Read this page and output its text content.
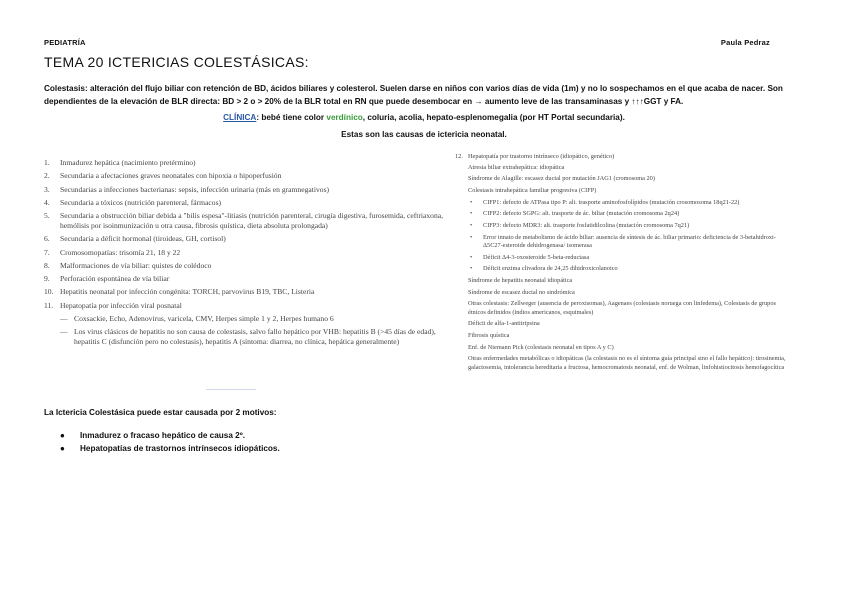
PEDIATRÍA	Paula Pedraz
TEMA 20 ICTERICIAS COLESTÁSICAS:
Colestasis: alteración del flujo biliar con retención de BD, ácidos biliares y colesterol. Suelen darse en niños con varios días de vida (1m) y no lo sospechamos en el que acaba de nacer. Son dependientes de la elevación de BLR directa: BD > 2 o > 20% de la BLR total en RN que puede desembocar en → aumento leve de las transaminasas y ↑↑↑GGT y FA.
CLÍNICA: bebé tiene color verdínico, coluria, acolia, hepato-esplenomegalia (por HT Portal secundaria).
Estas son las causas de ictericia neonatal.
1.	Inmadurez hepática (nacimiento pretérmino)
2.	Secundaria a afectaciones graves neonatales con hipoxia o hipoperfusión
3.	Secundarias a infecciones bacterianas: sepsis, infección urinaria (más en gramnegativos)
4.	Secundaria a tóxicos (nutrición parenteral, fármacos)
5.	Secundaria a obstrucción biliar debida a "bilis espesa"-litiasis (nutrición parenteral, cirugía digestiva, furosemida, ceftriaxona, hemólisis por isoinmunización u otra causa, fibrosis quística, dieta absoluta prolongada)
6.	Secundaria a déficit hormonal (tiroideas, GH, cortisol)
7.	Cromosomopatías: trisomía 21, 18 y 22
8.	Malformaciones de vía biliar: quistes de colédoco
9.	Perforación espontánea de vía biliar
10. Hepatitis neonatal por infección congénita: TORCH, parvovirus B19, TBC, Listeria
11. Hepatopatía por infección viral posnatal
— Coxsackie, Echo, Adenovirus, varicela, CMV, Herpes simple 1 y 2, Herpes humano 6
— Los virus clásicos de hepatitis no son causa de colestasis, salvo fallo hepático por VHB: hepatitis B (>45 días de edad), hepatitis C (disfunción pero no colestasis), hepatitis A (síntoma: diarrea, no clínica, hepática generalmente)
12. Hepatopatía por trastorno intrínseco (idiopático, genético)
Atresia biliar extrahepática: idiopática
Síndrome de Alagille: escasez ductal por mutación JAG1 (cromosoma 20)
Colestasis intrahepática familiar progresiva (CIFP)
•	CIFP1: defecto de ATPasa tipo P: alt. trasporte aminofosfolípidos (mutación crosomosoma 18q21-22)
•	CIFP2: defecto SGPG: alt. trasporte de ác. biliar (mutación cromosoma 2q24)
•	CIFP3: defecto MDR3: alt. trasporte fosfatidilcolina (mutación cromosoma 7q21)
•	Error innato de metabolismo de ácido biliar: ausencia de síntesis de ác. biliar primario: deficiencia de 3-betahidroxi-Δ5C27-esteroide dehidrogenasa/ isomerasa
•	Déficit Δ4-3-oxosteroide 5-beta-reductasa
•	Déficit enzima clivadora de 24,25 dihidroxicolanoico
Síndrome de hepatitis neonatal idiopática
Síndrome de escasez ductal no sindrómica
Otras colestasis: Zellweger (ausencia de peroxisomas), Aagenaes (colestasis noruega con linfedema), Colestasis de grupos étnicos definidos (indios americanos, esquimales)
Déficit de alfa-1-antitripsina
Fibrosis quística
Enf. de Niemann Pick (colestasis neonatal en tipos A y C)
Otras enfermedades metabólicas o idiopáticas (la colestasis no es el síntoma guía principal sino el fallo hepático): tirosinemia, galactosemia, intolerancia hereditaria a fructosa, hemocromatosis neonatal, enf. de Wolman, linfohistiocitosis hemofagocítica
La Ictericia Colestásica puede estar causada por 2 motivos:
●	Inmadurez o fracaso hepático de causa 2º.
●	Hepatopatías de trastornos intrínsecos idiopáticos.
